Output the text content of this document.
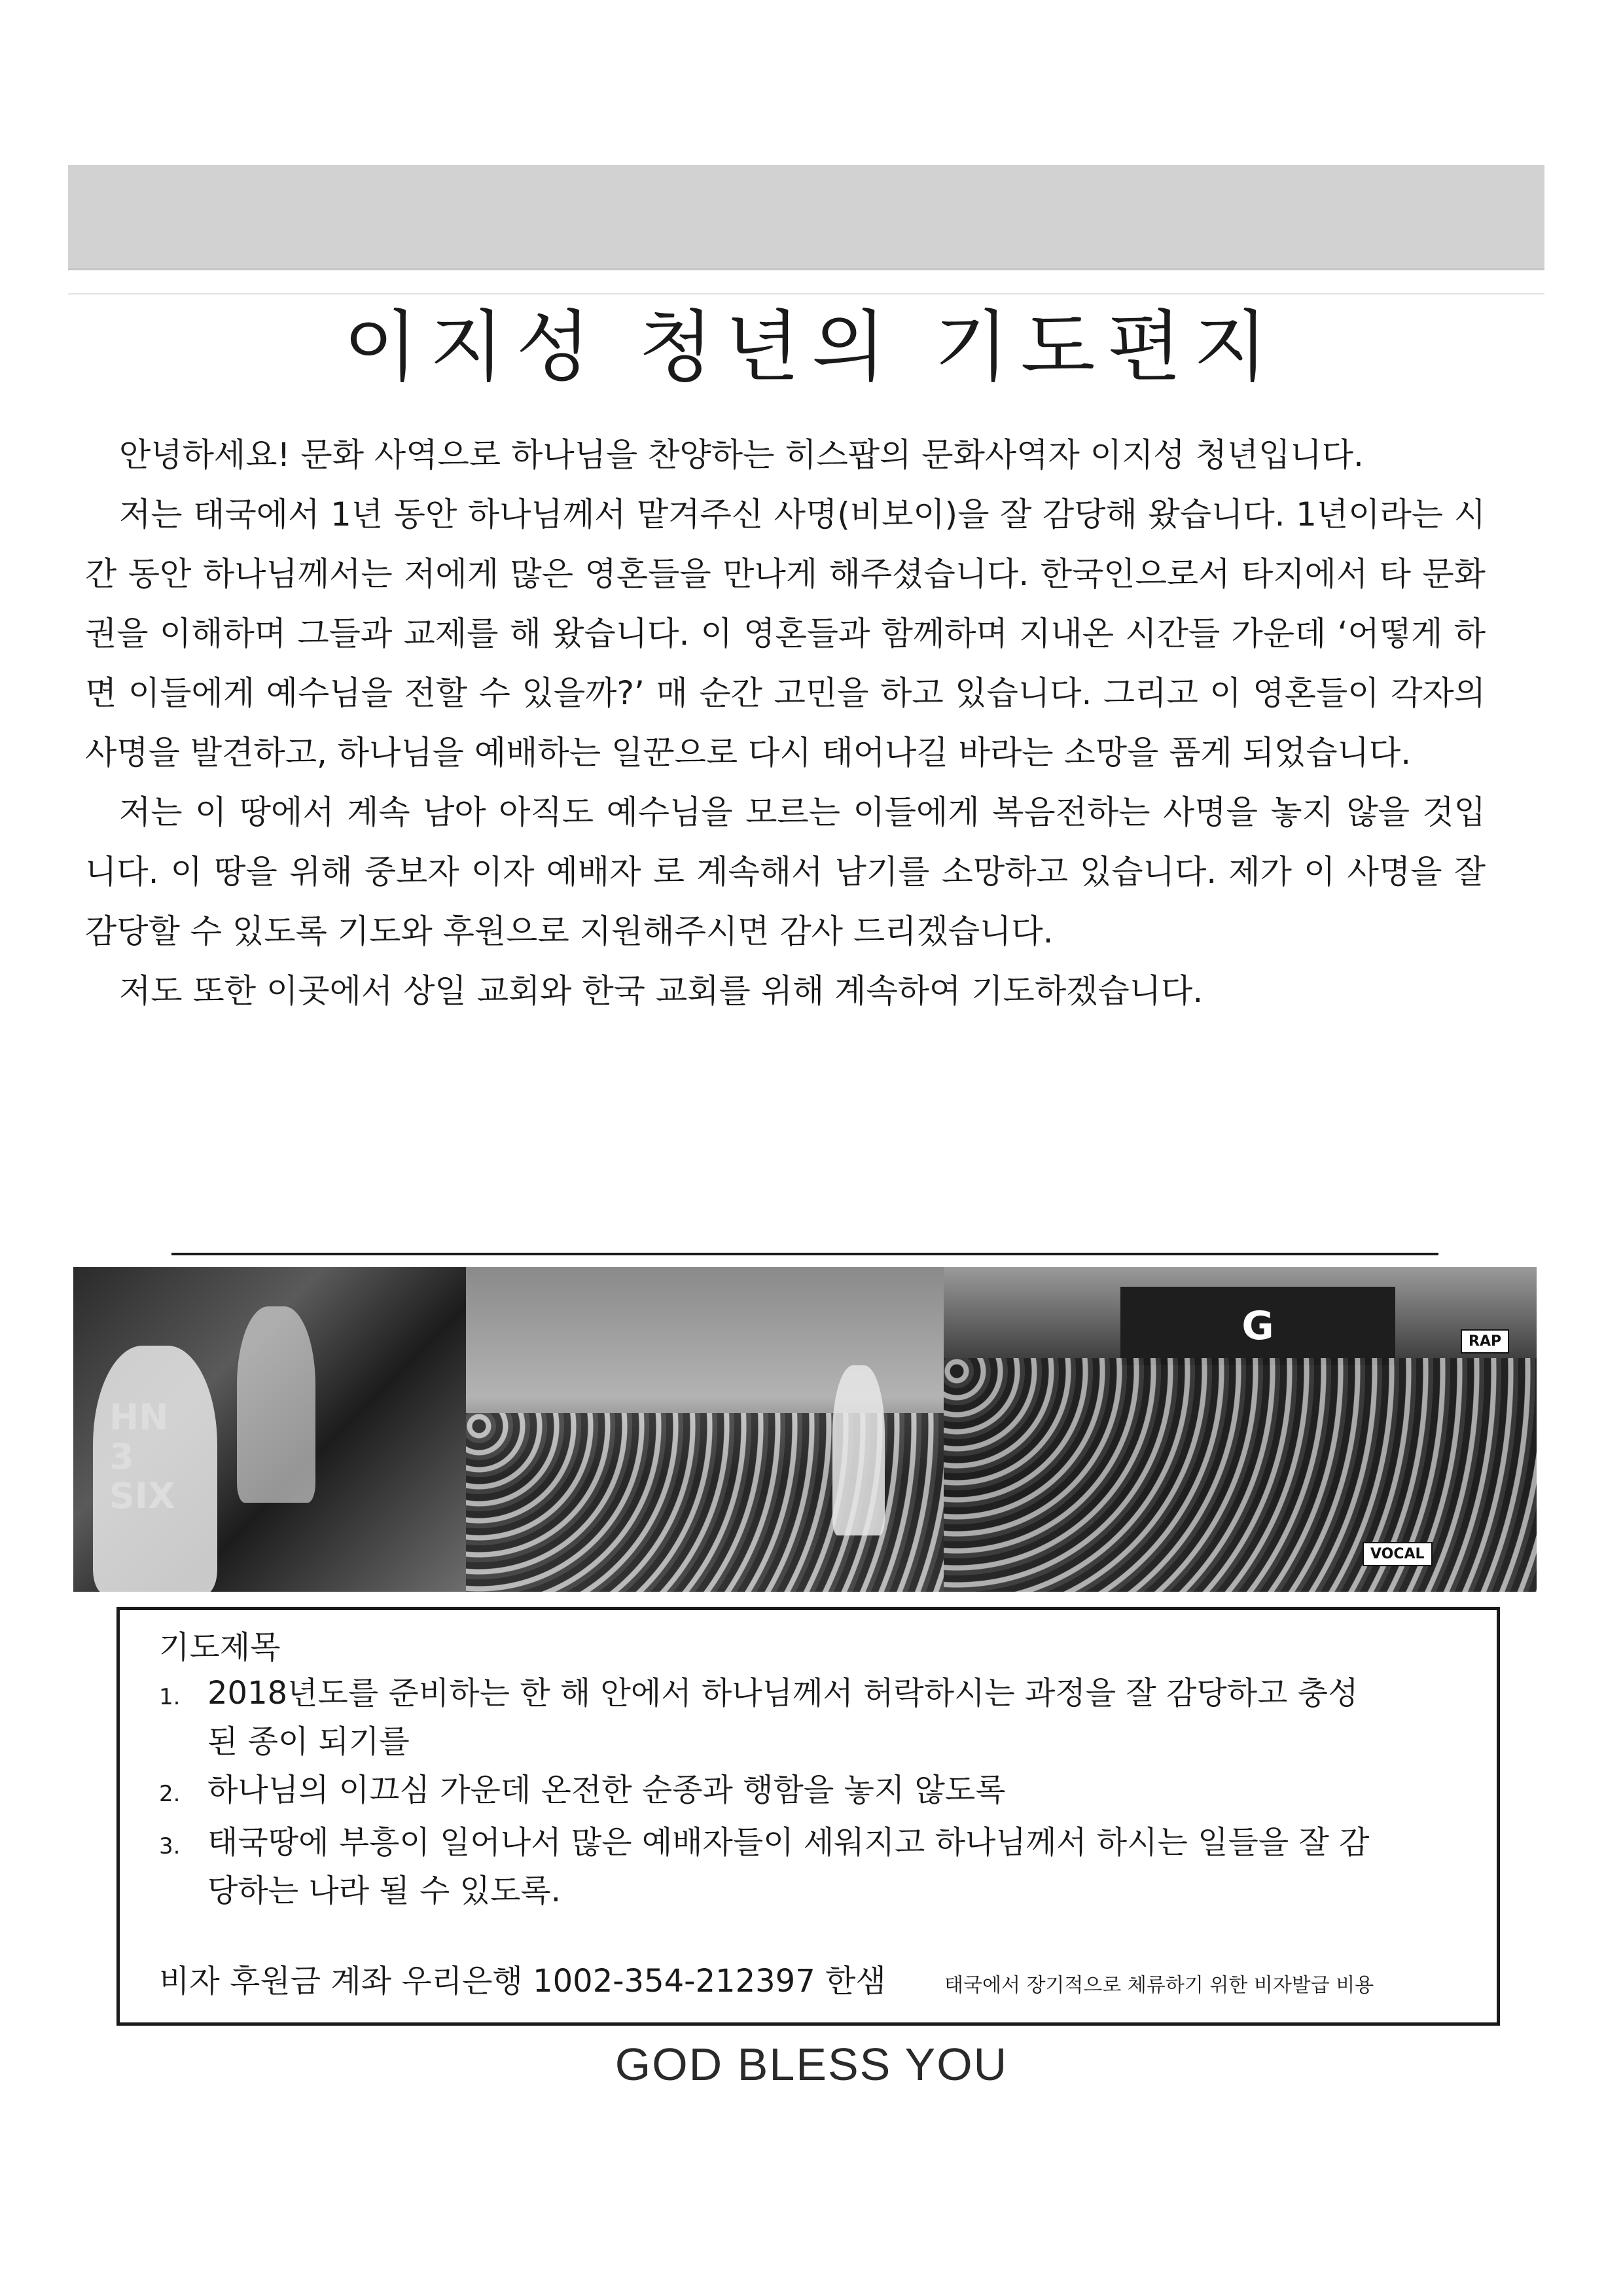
이지성 청년의 기도편지

안녕하세요! 문화 사역으로 하나님을 찬양하는 히스팝의 문화사역자 이지성 청년입니다.

저는 태국에서 1년 동안 하나님께서 맡겨주신 사명(비보이)을 잘 감당해 왔습니다. 1년이라는 시간 동안 하나님께서는 저에게 많은 영혼들을 만나게 해주셨습니다. 한국인으로서 타지에서 타 문화권을 이해하며 그들과 교제를 해 왔습니다. 이 영혼들과 함께하며 지내온 시간들 가운데 ‘어떻게 하면 이들에게 예수님을 전할 수 있을까?’ 매 순간 고민을 하고 있습니다. 그리고 이 영혼들이 각자의 사명을 발견하고, 하나님을 예배하는 일꾼으로 다시 태어나길 바라는 소망을 품게 되었습니다.

저는 이 땅에서 계속 남아 아직도 예수님을 모르는 이들에게 복음전하는 사명을 놓지 않을 것입니다. 이 땅을 위해 중보자 이자 예배자 로 계속해서 남기를 소망하고 있습니다. 제가 이 사명을 잘 감당할 수 있도록 기도와 후원으로 지원해주시면 감사 드리겠습니다.

저도 또한 이곳에서 상일 교회와 한국 교회를 위해 계속하여 기도하겠습니다.

HN
3
SIX
G	RAP
VOCAL
기도제목
1. 2018년도를 준비하는 한 해 안에서 하나님께서 허락하시는 과정을 잘 감당하고 충성된 종이 되기를
2. 하나님의 이끄심 가운데 온전한 순종과 행함을 놓지 않도록
3. 태국땅에 부흥이 일어나서 많은 예배자들이 세워지고 하나님께서 하시는 일들을 잘 감당하는 나라 될 수 있도록.
비자 후원금 계좌 우리은행 1002-354-212397 한샘	태국에서 장기적으로 체류하기 위한 비자발급 비용
GOD BLESS YOU
